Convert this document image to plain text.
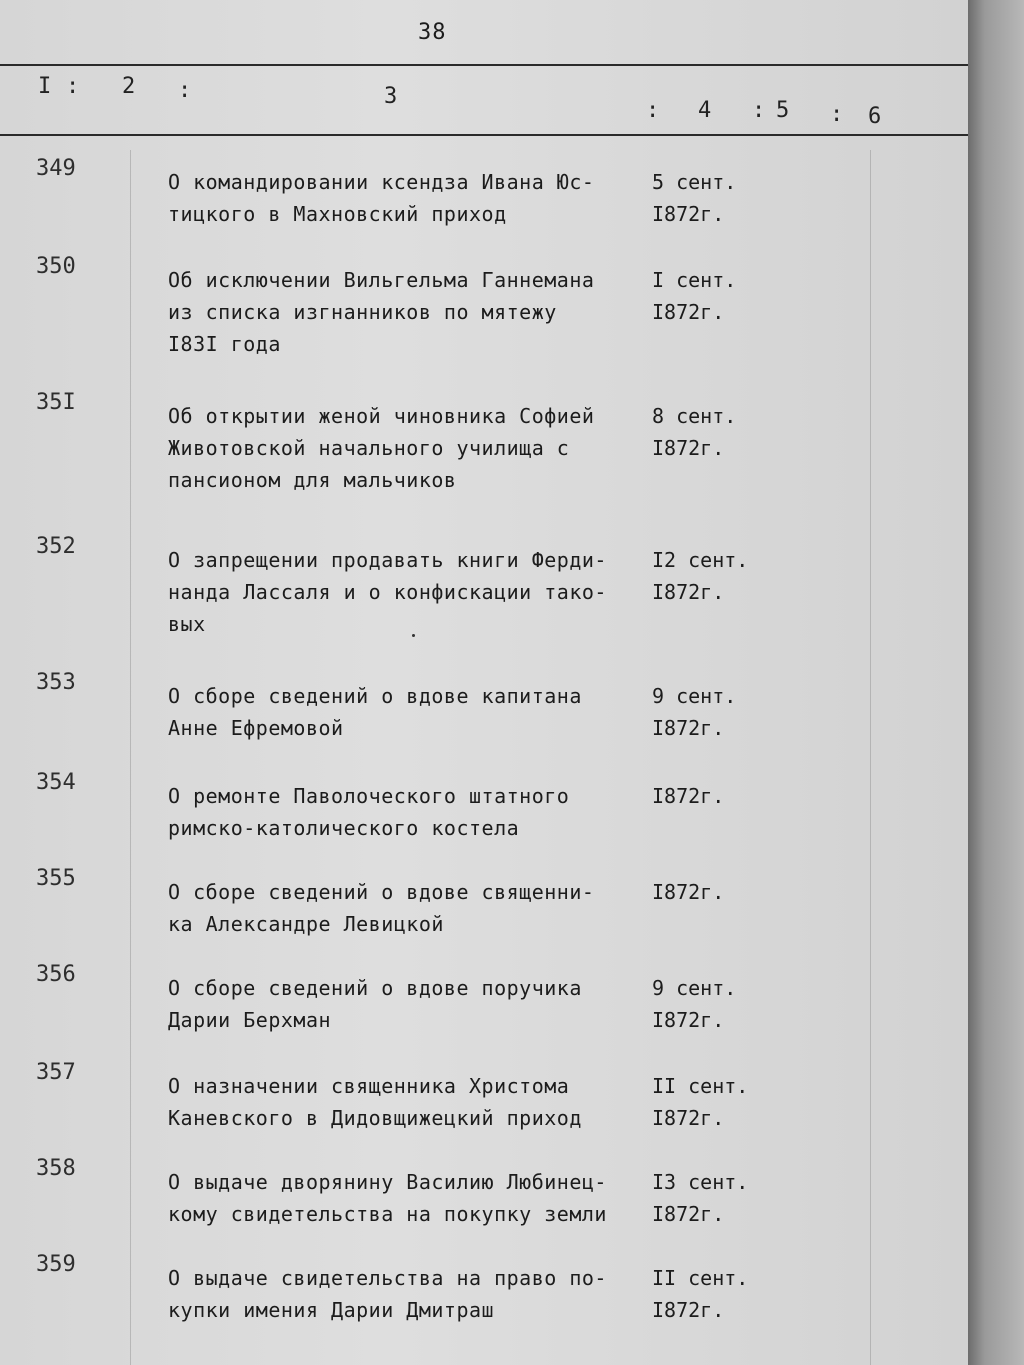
38
I : 2 :	3
: 4 : 5 : 6
349
О командировании ксендза Ивана Юс-
тицкого в Махновский приход
5 сент.
I872г.
350
Об исключении Вильгельма Ганнемана
из списка изгнанников по мятежу
I83I года
I сент.
I872г.
35I
Об открытии женой чиновника Софией
Животовской начального училища с
пансионом для мальчиков
8 сент.
I872г.
352
О запрещении продавать книги Ферди-
нанда Лассаля и о конфискации тако-
вых
I2 сент.
I872г.
353
О сборе сведений о вдове капитана
Анне Ефремовой
9 сент.
I872г.
354
О ремонте Паволочеcкого штатного
римско-католического костела
I872г.
355
О сборе сведений о вдове священни-
ка Александре Левицкой
I872г.
356
О сборе сведений о вдове поручика
Дарии Берхман
9 сент.
I872г.
357
О назначении священника Христома
Каневского в Дидовщижецкий приход
II сент.
I872г.
358
О выдаче дворянину Василию Любинец-
кому свидетельства на покупку земли
I3 сент.
I872г.
359
О выдаче свидетельства на право по-
купки имения Дарии Дмитраш
II сент.
I872г.
